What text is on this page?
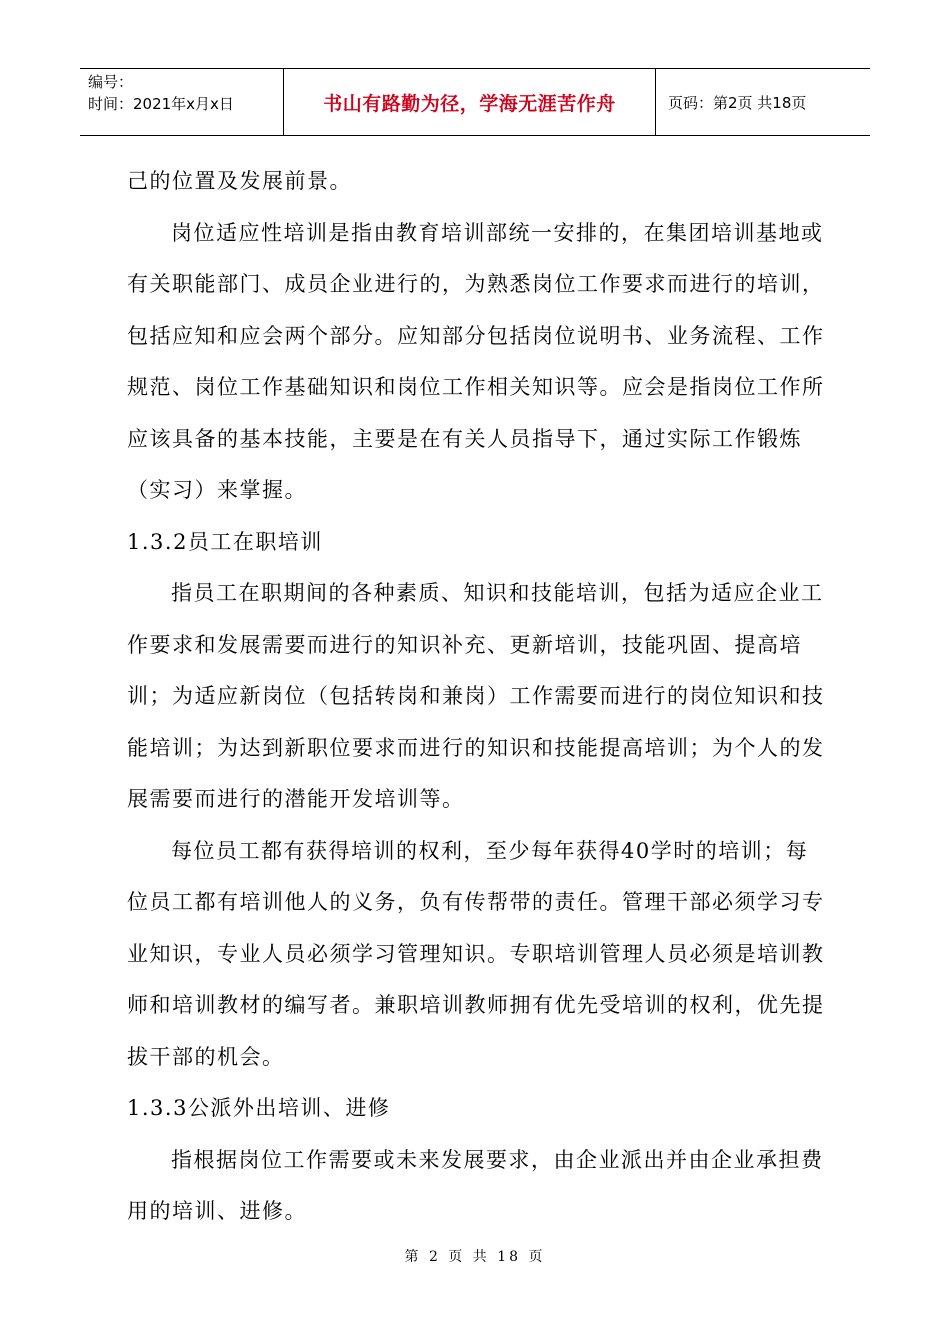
编号：
时间：2021年x月x日	书山有路勤为径，学海无涯苦作舟	页码：第2页 共18页

己的位置及发展前景。

岗位适应性培训是指由教育培训部统一安排的，在集团培训基地或有关职能部门、成员企业进行的，为熟悉岗位工作要求而进行的培训，包括应知和应会两个部分。应知部分包括岗位说明书、业务流程、工作规范、岗位工作基础知识和岗位工作相关知识等。应会是指岗位工作所应该具备的基本技能，主要是在有关人员指导下，通过实际工作锻炼（实习）来掌握。

1.3.2员工在职培训

指员工在职期间的各种素质、知识和技能培训，包括为适应企业工作要求和发展需要而进行的知识补充、更新培训，技能巩固、提高培训；为适应新岗位（包括转岗和兼岗）工作需要而进行的岗位知识和技能培训；为达到新职位要求而进行的知识和技能提高培训；为个人的发展需要而进行的潜能开发培训等。

每位员工都有获得培训的权利，至少每年获得40学时的培训；每位员工都有培训他人的义务，负有传帮带的责任。管理干部必须学习专业知识，专业人员必须学习管理知识。专职培训管理人员必须是培训教师和培训教材的编写者。兼职培训教师拥有优先受培训的权利，优先提拔干部的机会。

1.3.3公派外出培训、进修

指根据岗位工作需要或未来发展要求，由企业派出并由企业承担费用的培训、进修。

第 2 页 共 18 页
